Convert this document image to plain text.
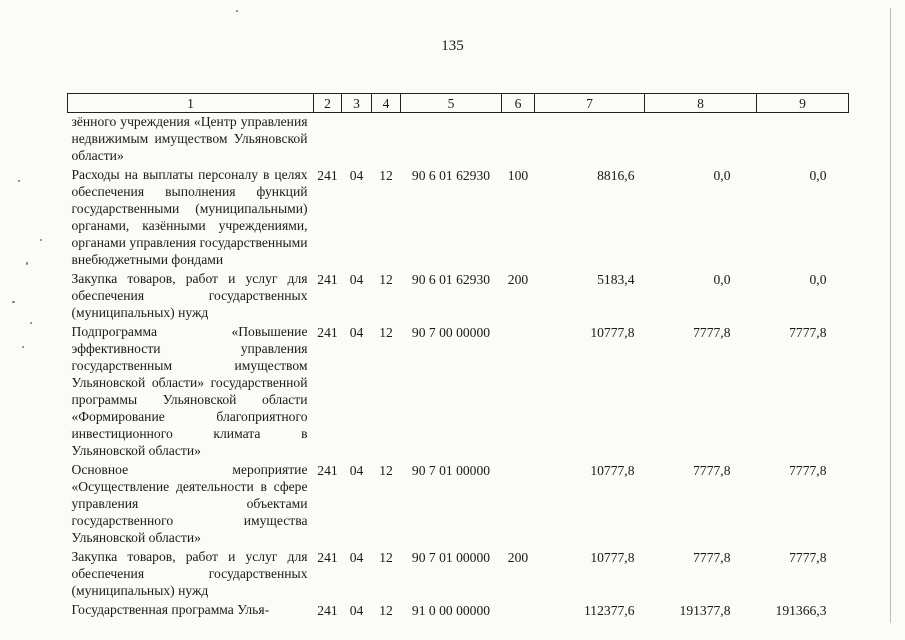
135
1	2	3	4	5	6	7	8	9
зённого учреждения «Центр управления недвижимым имуществом Ульяновской области»								
Расходы на выплаты персоналу в целях обеспечения выполнения функций государственными (муниципальными) органами, казёнными учреждениями, органами управления государственными внебюджетными фондами	241	04	12	90 6 01 62930	100	8816,6	0,0	0,0
Закупка товаров, работ и услуг для обеспечения государственных (муниципальных) нужд	241	04	12	90 6 01 62930	200	5183,4	0,0	0,0
Подпрограмма «Повышение эффективности управления государственным имуществом Ульяновской области» государственной программы Ульяновской области «Формирование благоприятного инвестиционного климата в Ульяновской области»	241	04	12	90 7 00 00000		10777,8	7777,8	7777,8
Основное мероприятие «Осуществление деятельности в сфере управления объектами государственного имущества Ульяновской области»	241	04	12	90 7 01 00000		10777,8	7777,8	7777,8
Закупка товаров, работ и услуг для обеспечения государственных (муниципальных) нужд	241	04	12	90 7 01 00000	200	10777,8	7777,8	7777,8
Государственная программа Улья-	241	04	12	91 0 00 00000		112377,6	191377,8	191366,3
